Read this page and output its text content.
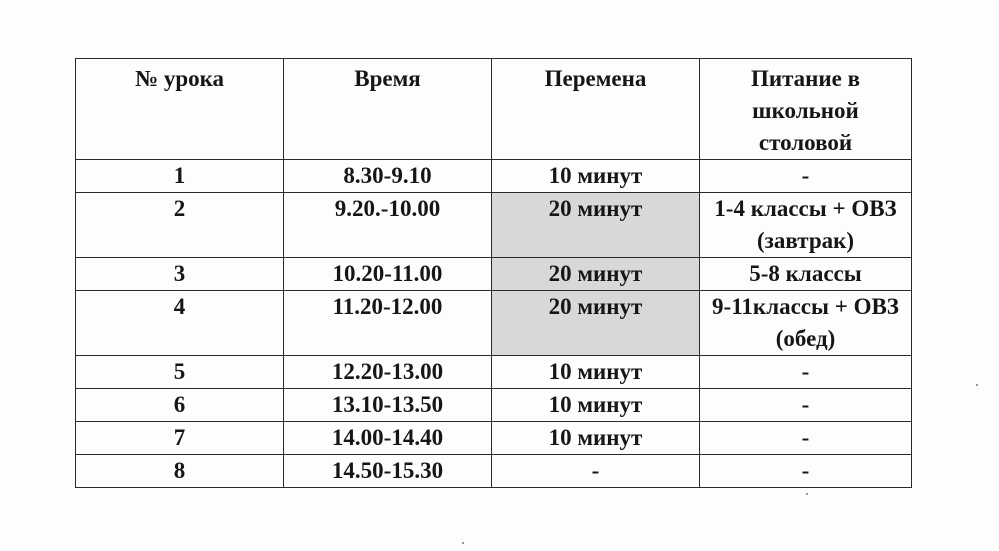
№ урока	Время	Перемена	Питание в школьной столовой
1	8.30-9.10	10 минут	-
2	9.20.-10.00	20 минут	1-4 классы + ОВЗ (завтрак)
3	10.20-11.00	20 минут	5-8 классы
4	11.20-12.00	20 минут	9-11классы + ОВЗ (обед)
5	12.20-13.00	10 минут	-
6	13.10-13.50	10 минут	-
7	14.00-14.40	10 минут	-
8	14.50-15.30	-	-
